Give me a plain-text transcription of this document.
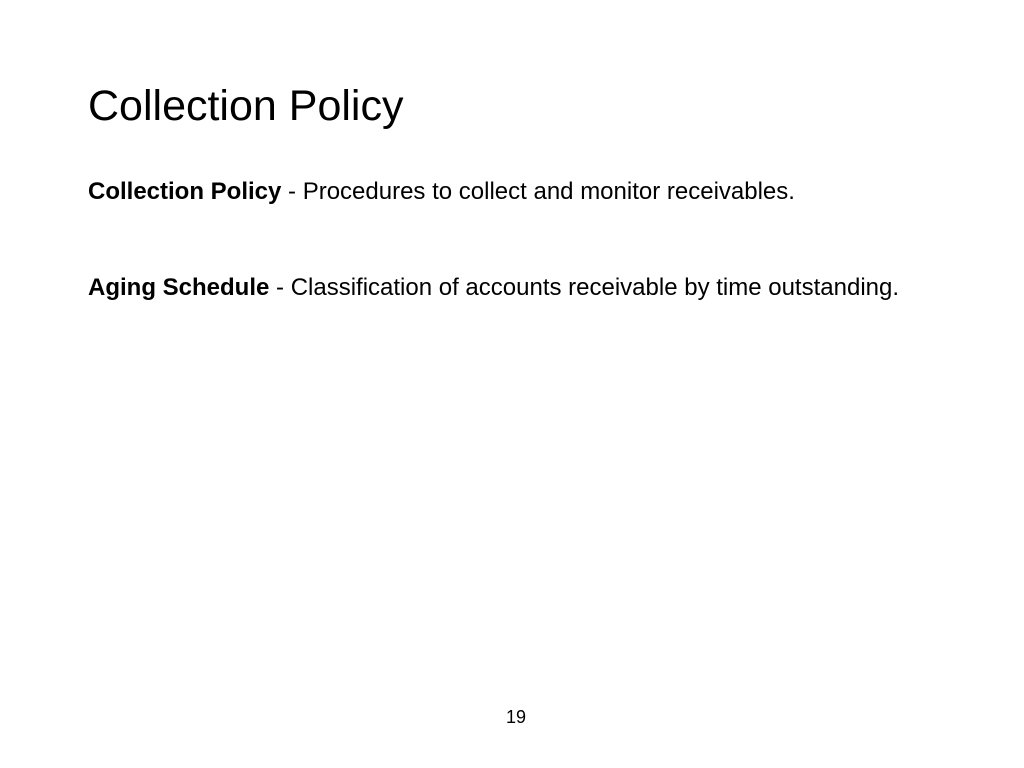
Collection Policy

Collection Policy - Procedures to collect and monitor receivables.

Aging Schedule - Classification of accounts receivable by time outstanding.

19
